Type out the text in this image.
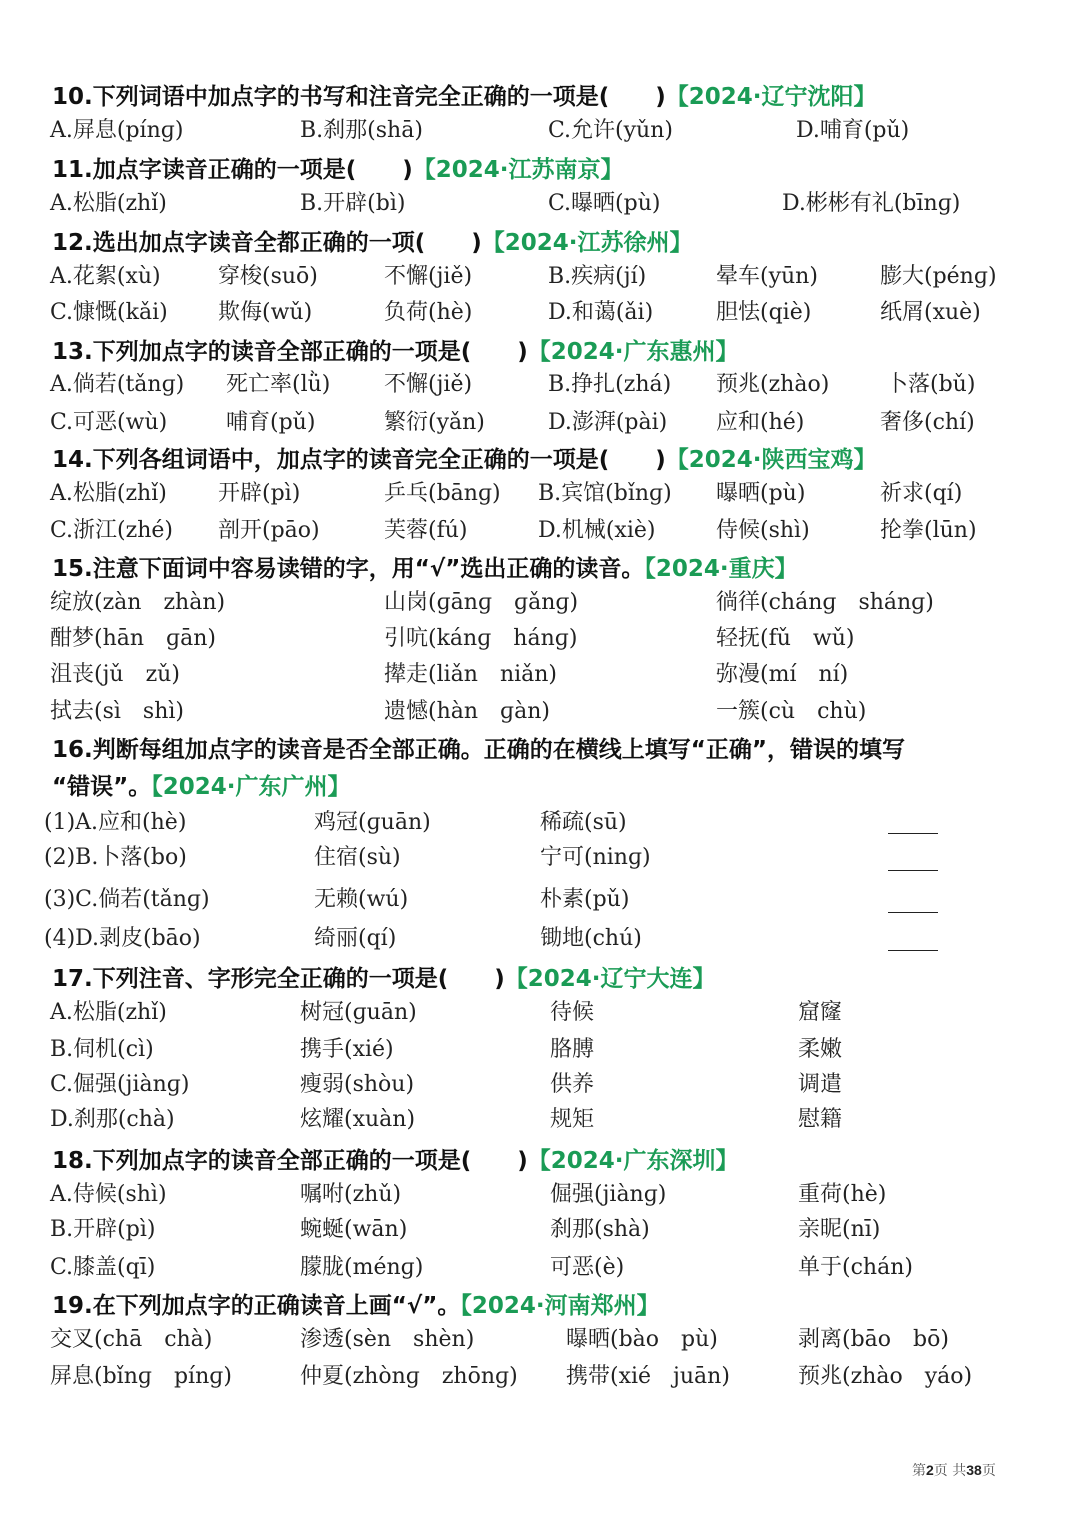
10.下列词语中加点字的书写和注音完全正确的一项是(　　)【2024·辽宁沈阳】
A.屏息(pínɡ)	B.刹那(shā)	C.允许(yǔn)	D.哺育(pǔ)
11.加点字读音正确的一项是(　　)【2024·江苏南京】
A.松脂(zhǐ)	B.开辟(bì)	C.曝晒(pù)	D.彬彬有礼(bīnɡ)
12.选出加点字读音全都正确的一项(　　)【2024·江苏徐州】
A.花絮(xù)	穿梭(suō)	不懈(jiě)	B.疾病(jí)	晕车(yūn)	膨大(pénɡ)
C.慷慨(kǎi) 欺侮(wǔ)	负荷(hè)	D.和蔼(ǎi)	胆怯(qiè)	纸屑(xuè)
13.下列加点字的读音全部正确的一项是(　　)【2024·广东惠州】
A.倘若(tǎnɡ) 死亡率(lǜ) 不懈(jiě)	B.挣扎(zhá) 预兆(zhào)	卜落(bǔ)
C.可恶(wù)	哺育(pǔ)	繁衍(yǎn)	D.澎湃(pài) 应和(hé)	奢侈(chí)
14.下列各组词语中，加点字的读音完全正确的一项是(　　)【2024·陕西宝鸡】
A.松脂(zhǐ) 开辟(pì)	乒乓(bānɡ) B.宾馆(bǐnɡ) 曝晒(pù)	祈求(qí)
C.浙江(zhé) 剖开(pāo)	芙蓉(fú)	D.机械(xiè)	侍候(shì)	抡拳(lūn)
15.注意下面词中容易读错的字，用“√”选出正确的读音。【2024·重庆】
绽放(zàn　zhàn)	山岗(ɡānɡ　ɡǎnɡ)	徜徉(chánɡ　shánɡ)
酣梦(hān　ɡān)	引吭(kánɡ　hánɡ)	轻抚(fǔ　wǔ)
沮丧(jǔ　zǔ)	撵走(liǎn　niǎn)	弥漫(mí　ní)
拭去(sì　shì)	遗憾(hàn　ɡàn)	一簇(cù　chù)
16.判断每组加点字的读音是否全部正确。正确的在横线上填写“正确”，错误的填写
“错误”。【2024·广东广州】
(1)A.应和(hè)	鸡冠(ɡuān)	稀疏(sū)
(2)B.卜落(bo)	住宿(sù)	宁可(ninɡ)
(3)C.倘若(tǎnɡ)	无赖(wú)	朴素(pǔ)
(4)D.剥皮(bāo)	绮丽(qí)	锄地(chú)
17.下列注音、字形完全正确的一项是(　　)【2024·辽宁大连】
A.松脂(zhǐ)	树冠(ɡuān)	待候	窟窿
B.伺机(cì)	携手(xié)	胳膊	柔嫩
C.倔强(jiànɡ)	瘦弱(shòu)	供养	调遣
D.刹那(chà)	炫耀(xuàn)	规矩	慰籍
18.下列加点字的读音全部正确的一项是(　　)【2024·广东深圳】
A.侍候(shì)	嘱咐(zhǔ)	倔强(jiànɡ)	重荷(hè)
B.开辟(pì)	蜿蜒(wān)	刹那(shà)	亲昵(nī)
C.膝盖(qī)	朦胧(ménɡ)	可恶(è)	单于(chán)
19.在下列加点字的正确读音上画“√”。【2024·河南郑州】
交叉(chā　chà)	渗透(sèn　shèn)	曝晒(bào　pù)	剥离(bāo　bō)
屏息(bǐnɡ　pínɡ)	仲夏(zhònɡ　zhōnɡ) 携带(xié　juān)	预兆(zhào　yáo)
第2页 共38页
